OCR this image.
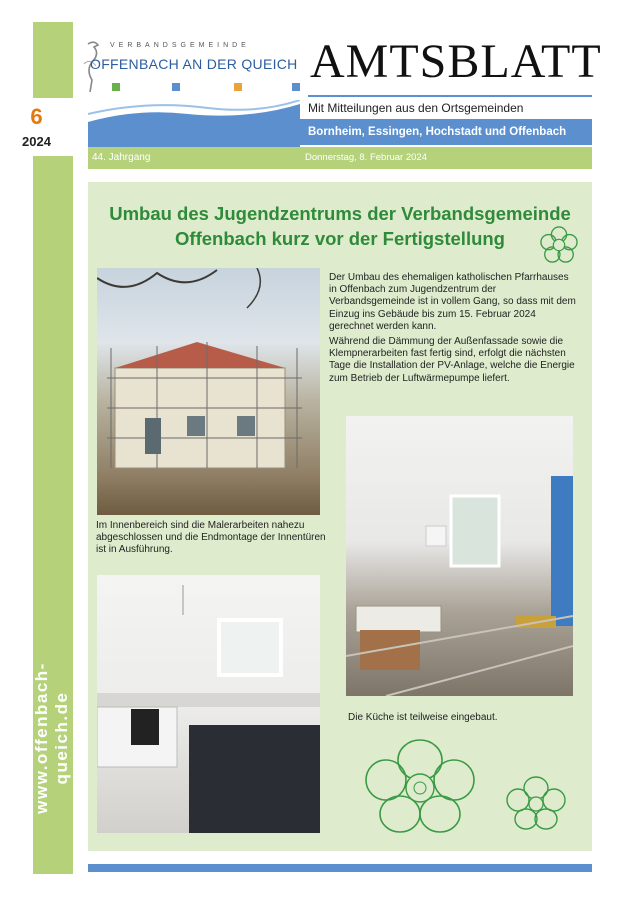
6
2024
www.offenbach-queich.de
VERBANDSGEMEINDE
OFFENBACH AN DER QUEICH AMTSBLATT
Mit Mitteilungen aus den Ortsgemeinden
Bornheim, Essingen, Hochstadt und Offenbach
44. Jahrgang	Donnerstag, 8. Februar 2024
Umbau des Jugendzentrums der Verbandsgemeinde
Offenbach kurz vor der Fertigstellung
Der Umbau des ehemaligen katholischen Pfarrhauses in Offenbach zum Jugendzentrum der Verbandsgemeinde ist in vollem Gang, so dass mit dem Einzug ins Gebäude bis zum 15. Februar 2024 gerechnet werden kann.
Während die Dämmung der Außenfassade sowie die Klempnerarbeiten fast fertig sind, erfolgt die nächsten Tage die Installation der PV-Anlage, welche die Energie zum Betrieb der Luftwärmepumpe liefert.
Im Innenbereich sind die Malerarbeiten nahezu abgeschlossen und die Endmontage der Innentüren ist in Ausführung.
Die Küche ist teilweise eingebaut.
